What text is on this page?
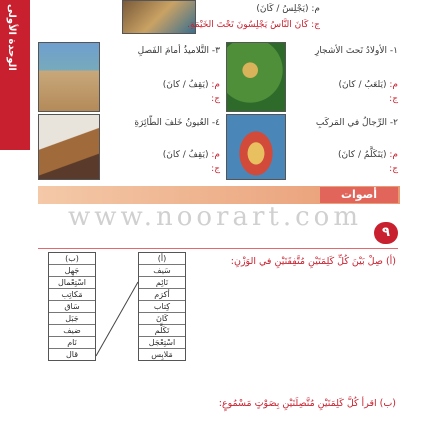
الوحدة الأولى	م: (يَجْلِسُ / كَانَ)
ج: كَانَ النَّاسُ يَجْلِسُونَ تَحْتَ الخَيْمَةِ.
١- الأولادُ تَحتَ الأشجارِ
م: (يَلعَبُ / كانَ)
ج:
٢- الرِّجالُ في المَركَبِ
م: (يَتَكَلَّمُ / كانَ)
ج:
٣- التَّلاميذُ أمامَ الفَصلِ
م: (يَقِفُ / كانَ)
ج:
٤- العُيونُ خَلفَ الطّائِرَةِ
م: (يَقِفُ / كانَ)
ج:
أصوات
www.noorart.com
٩
(أ) صِلْ بَيْنَ كُلِّ كَلِمَتَيْنِ مُتَّفِقَتَيْنِ في الوَزْنِ:
(ب) اقرأ كُلَّ كَلِمَتَيْنِ مُتَّصِلَتَيْنِ بِصَوْتٍ مَسْمُوعٍ:
(ب)
جَهِل
اسْتِعْمال
مَكاتِب
سَاق
جَبَل
ضيف
نَام
قال
(أ)
سَيف
نَائِم
أكرَم
كِتاب
كَانَ
تَكَلَّم
اسْتِعْجَل
مَلابِس
